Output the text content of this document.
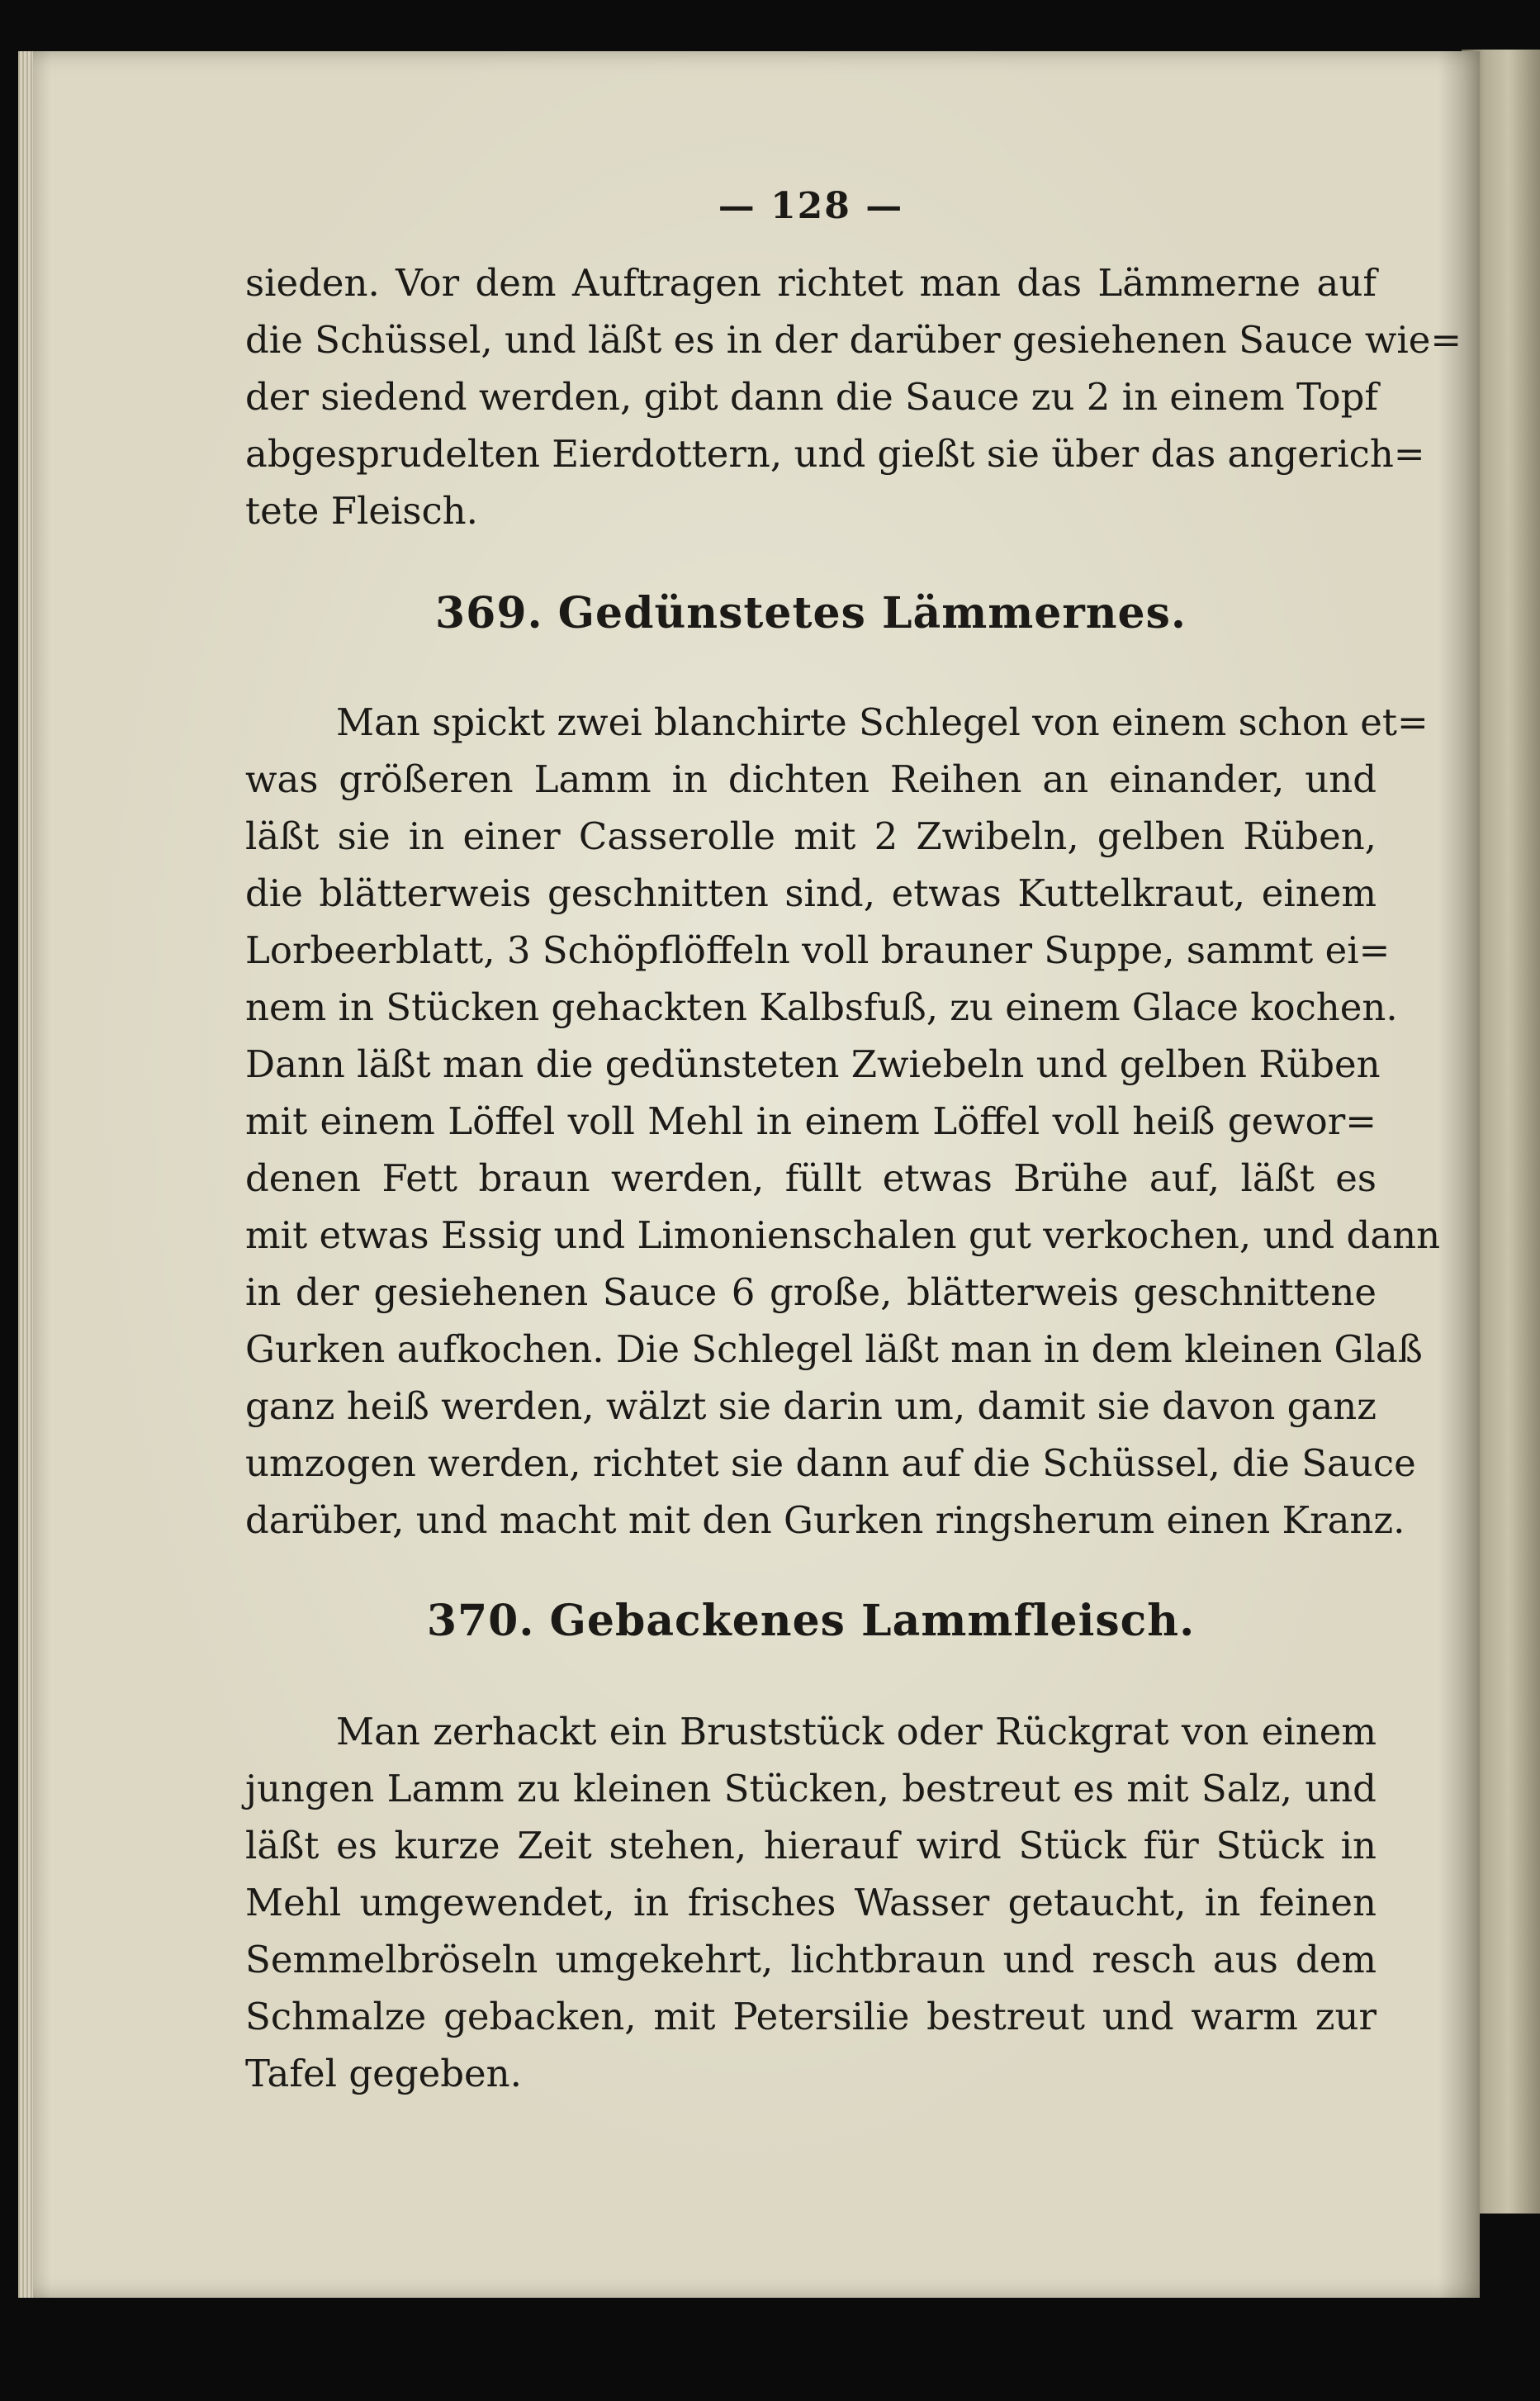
— 128 —
sieden. Vor dem Auftragen richtet man das Lämmerne auf
die Schüssel, und läßt es in der darüber gesiehenen Sauce wie=
der siedend werden, gibt dann die Sauce zu 2 in einem Topf
abgesprudelten Eierdottern, und gießt sie über das angerich=
tete Fleisch.
369. Gedünstetes Lämmernes.
Man spickt zwei blanchirte Schlegel von einem schon et=
was größeren Lamm in dichten Reihen an einander, und
läßt sie in einer Casserolle mit 2 Zwibeln, gelben Rüben,
die blätterweis geschnitten sind, etwas Kuttelkraut, einem
Lorbeerblatt, 3 Schöpflöffeln voll brauner Suppe, sammt ei=
nem in Stücken gehackten Kalbsfuß, zu einem Glace kochen.
Dann läßt man die gedünsteten Zwiebeln und gelben Rüben
mit einem Löffel voll Mehl in einem Löffel voll heiß gewor=
denen Fett braun werden, füllt etwas Brühe auf, läßt es
mit etwas Essig und Limonienschalen gut verkochen, und dann
in der gesiehenen Sauce 6 große, blätterweis geschnittene
Gurken aufkochen. Die Schlegel läßt man in dem kleinen Glaß
ganz heiß werden, wälzt sie darin um, damit sie davon ganz
umzogen werden, richtet sie dann auf die Schüssel, die Sauce
darüber, und macht mit den Gurken ringsherum einen Kranz.
370. Gebackenes Lammfleisch.
Man zerhackt ein Bruststück oder Rückgrat von einem
jungen Lamm zu kleinen Stücken, bestreut es mit Salz, und
läßt es kurze Zeit stehen, hierauf wird Stück für Stück in
Mehl umgewendet, in frisches Wasser getaucht, in feinen
Semmelbröseln umgekehrt, lichtbraun und resch aus dem
Schmalze gebacken, mit Petersilie bestreut und warm zur
Tafel gegeben.
